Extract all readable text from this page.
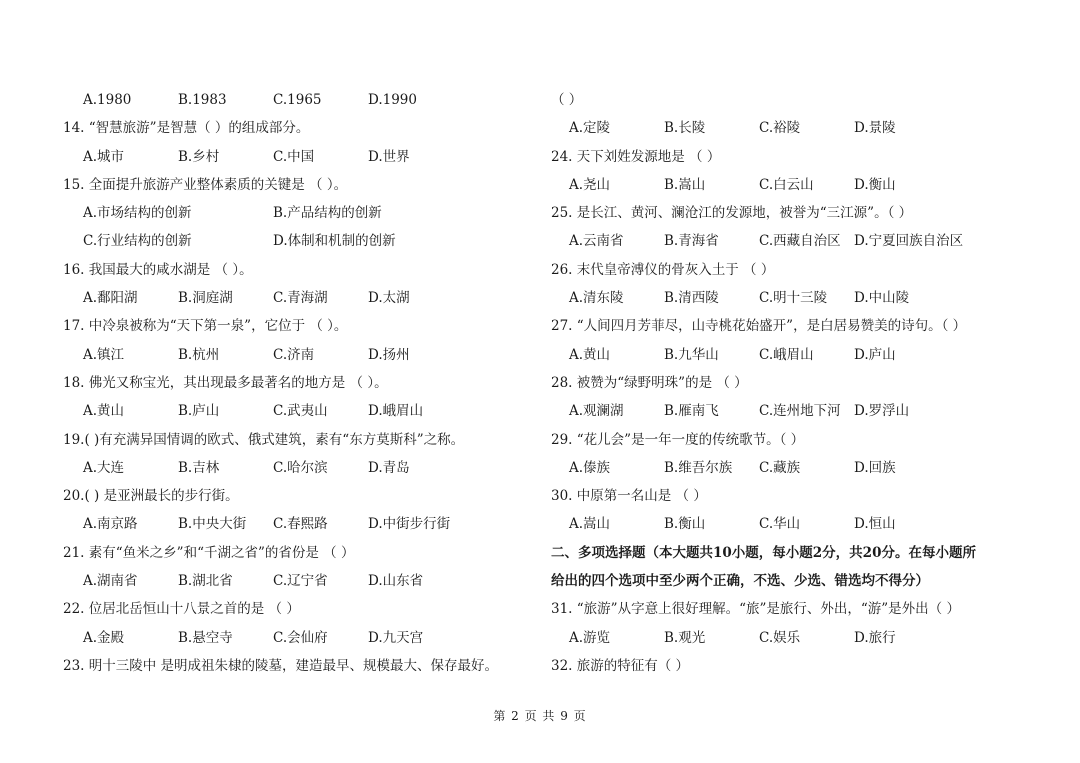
A.1980	B.1983	C.1965	D.1990
14. “智慧旅游”是智慧（ ）的组成部分。
A.城市	B.乡村	C.中国	D.世界
15. 全面提升旅游产业整体素质的关键是 （ ）。
A.市场结构的创新	B.产品结构的创新
C.行业结构的创新	D.体制和机制的创新
16. 我国最大的咸水湖是 （ ）。
A.鄱阳湖	B.洞庭湖	C.青海湖	D.太湖
17. 中冷泉被称为“天下第一泉”，它位于 （ ）。
A.镇江	B.杭州	C.济南	D.扬州
18. 佛光又称宝光，其出现最多最著名的地方是 （ ）。
A.黄山	B.庐山	C.武夷山	D.峨眉山
19.( )有充满异国情调的欧式、俄式建筑，素有“东方莫斯科”之称。
A.大连	B.吉林	C.哈尔滨	D.青岛
20.( ) 是亚洲最长的步行街。
A.南京路	B.中央大街 C.春熙路	D.中街步行街
21. 素有“鱼米之乡”和“千湖之省”的省份是 （ ）
A.湖南省	B.湖北省	C.辽宁省	D.山东省
22. 位居北岳恒山十八景之首的是 （ ）
A.金殿	B.悬空寺	C.会仙府	D.九天宫
23. 明十三陵中 是明成祖朱棣的陵墓，建造最早、规模最大、保存最好。
（ ）
A.定陵	B.长陵	C.裕陵	D.景陵
24. 天下刘姓发源地是 （ ）
A.尧山	B.嵩山	C.白云山	D.衡山
25. 是长江、黄河、澜沧江的发源地，被誉为“三江源”。（ ）
A.云南省	B.青海省	C.西藏自治区 D.宁夏回族自治区
26. 末代皇帝溥仪的骨灰入土于 （ ）
A.清东陵	B.清西陵	C.明十三陵 D.中山陵
27. “人间四月芳菲尽，山寺桃花始盛开”，是白居易赞美的诗句。（ ）
A.黄山	B.九华山	C.峨眉山	D.庐山
28. 被赞为“绿野明珠”的是 （ ）
A.观澜湖	B.雁南飞	C.连州地下河 D.罗浮山
29. “花儿会”是一年一度的传统歌节。（ ）
A.傣族	B.维吾尔族 C.藏族	D.回族
30. 中原第一名山是 （ ）
A.嵩山	B.衡山	C.华山	D.恒山
二、多项选择题（本大题共10小题，每小题2分，共20分。在每小题所
给出的四个选项中至少两个正确，不选、少选、错选均不得分）
31. “旅游”从字意上很好理解。“旅”是旅行、外出，“游”是外出（ ）
A.游览	B.观光	C.娱乐	D.旅行
32. 旅游的特征有（ ）
第 2 页 共 9 页
